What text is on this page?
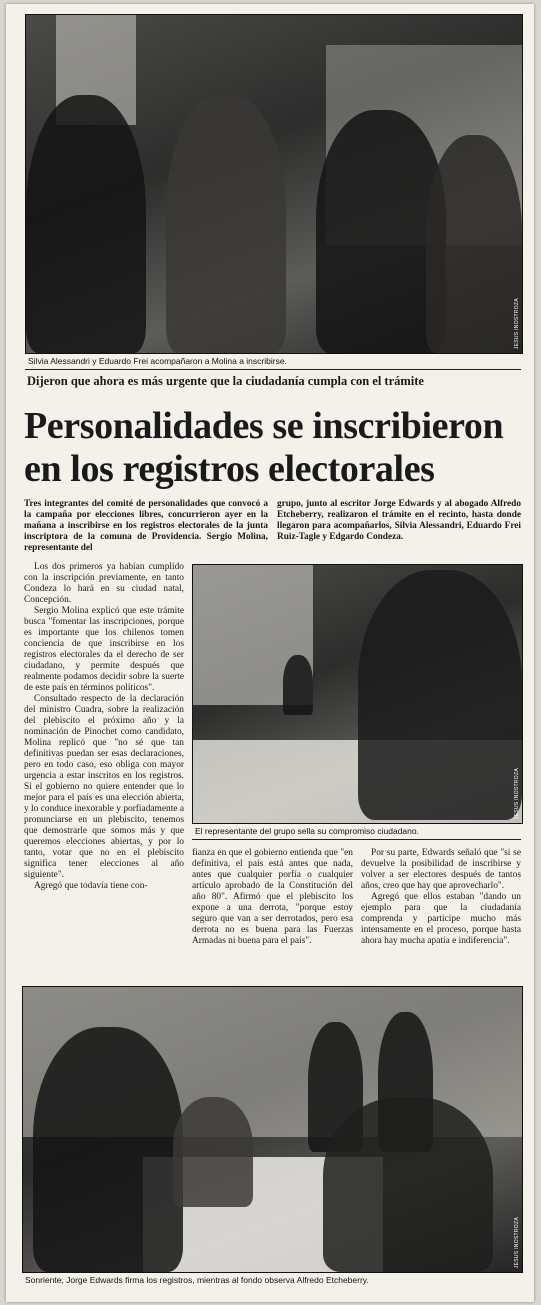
JESUS INOSTROZA
Silvia Alessandri y Eduardo Frei acompañaron a Molina a inscribirse.
Dijeron que ahora es más urgente que la ciudadanía cumpla con el trámite
Personalidades se inscribieron en los registros electorales
Tres integrantes del comité de personalidades que convocó a la campaña por elecciones libres, concurrieron ayer en la mañana a inscribirse en los registros electorales de la junta inscriptora de la comuna de Providencia. Sergio Molina, representante del
grupo, junto al escritor Jorge Edwards y al abogado Alfredo Etcheberry, realizaron el trámite en el recinto, hasta donde llegaron para acompañarlos, Silvia Alessandri, Eduardo Frei Ruiz-Tagle y Edgardo Condeza.

Los dos primeros ya habían cumplido con la inscripción previamente, en tanto Condeza lo hará en su ciudad natal, Concepción.

Sergio Molina explicó que este trámite busca "fomentar las inscripciones, porque es importante que los chilenos tomen conciencia de que inscribirse en los registros electorales da el derecho de ser ciudadano, y permite después que realmente podamos decidir sobre la suerte de este país en términos políticos".

Consultado respecto de la declaración del ministro Cuadra, sobre la realización del plebiscito el próximo año y la nominación de Pinochet como candidato, Molina replicó que "no sé que tan definitivas puedan ser esas declaraciones, pero en todo caso, eso obliga con mayor urgencia a estar inscritos en los registros. Si el gobierno no quiere entender que lo mejor para el país es una elección abierta, y lo conduce inexorable y porfiadamente a pronunciarse en un plebiscito, tenemos que demostrarle que somos más y que queremos elecciones abiertas, y por lo tanto, votar que no en el plebiscito significa tener elecciones al año siguiente".

Agregó que todavía tiene con-

JESUS INOSTROZA
El representante del grupo sella su compromiso ciudadano.

fianza en que el gobierno entienda que "en definitiva, el país está antes que nada, antes que cualquier porfía o cualquier artículo aprobado de la Constitución del año 80". Afirmó que el plebiscito los expone a una derrota, "porque estoy seguro que van a ser derrotados, pero esa derrota no es buena para las Fuerzas Armadas ni buena para el país".

Por su parte, Edwards señaló que "si se devuelve la posibilidad de inscribirse y volver a ser electores después de tantos años, creo que hay que aprovecharlo".

Agregó que ellos estaban "dando un ejemplo para que la ciudadanía comprenda y participe mucho más intensamente en el proceso, porque hasta ahora hay mucha apatía e indiferencia".

JESUS INOSTROZA
Sonriente, Jorge Edwards firma los registros, mientras al fondo observa Alfredo Etcheberry.
